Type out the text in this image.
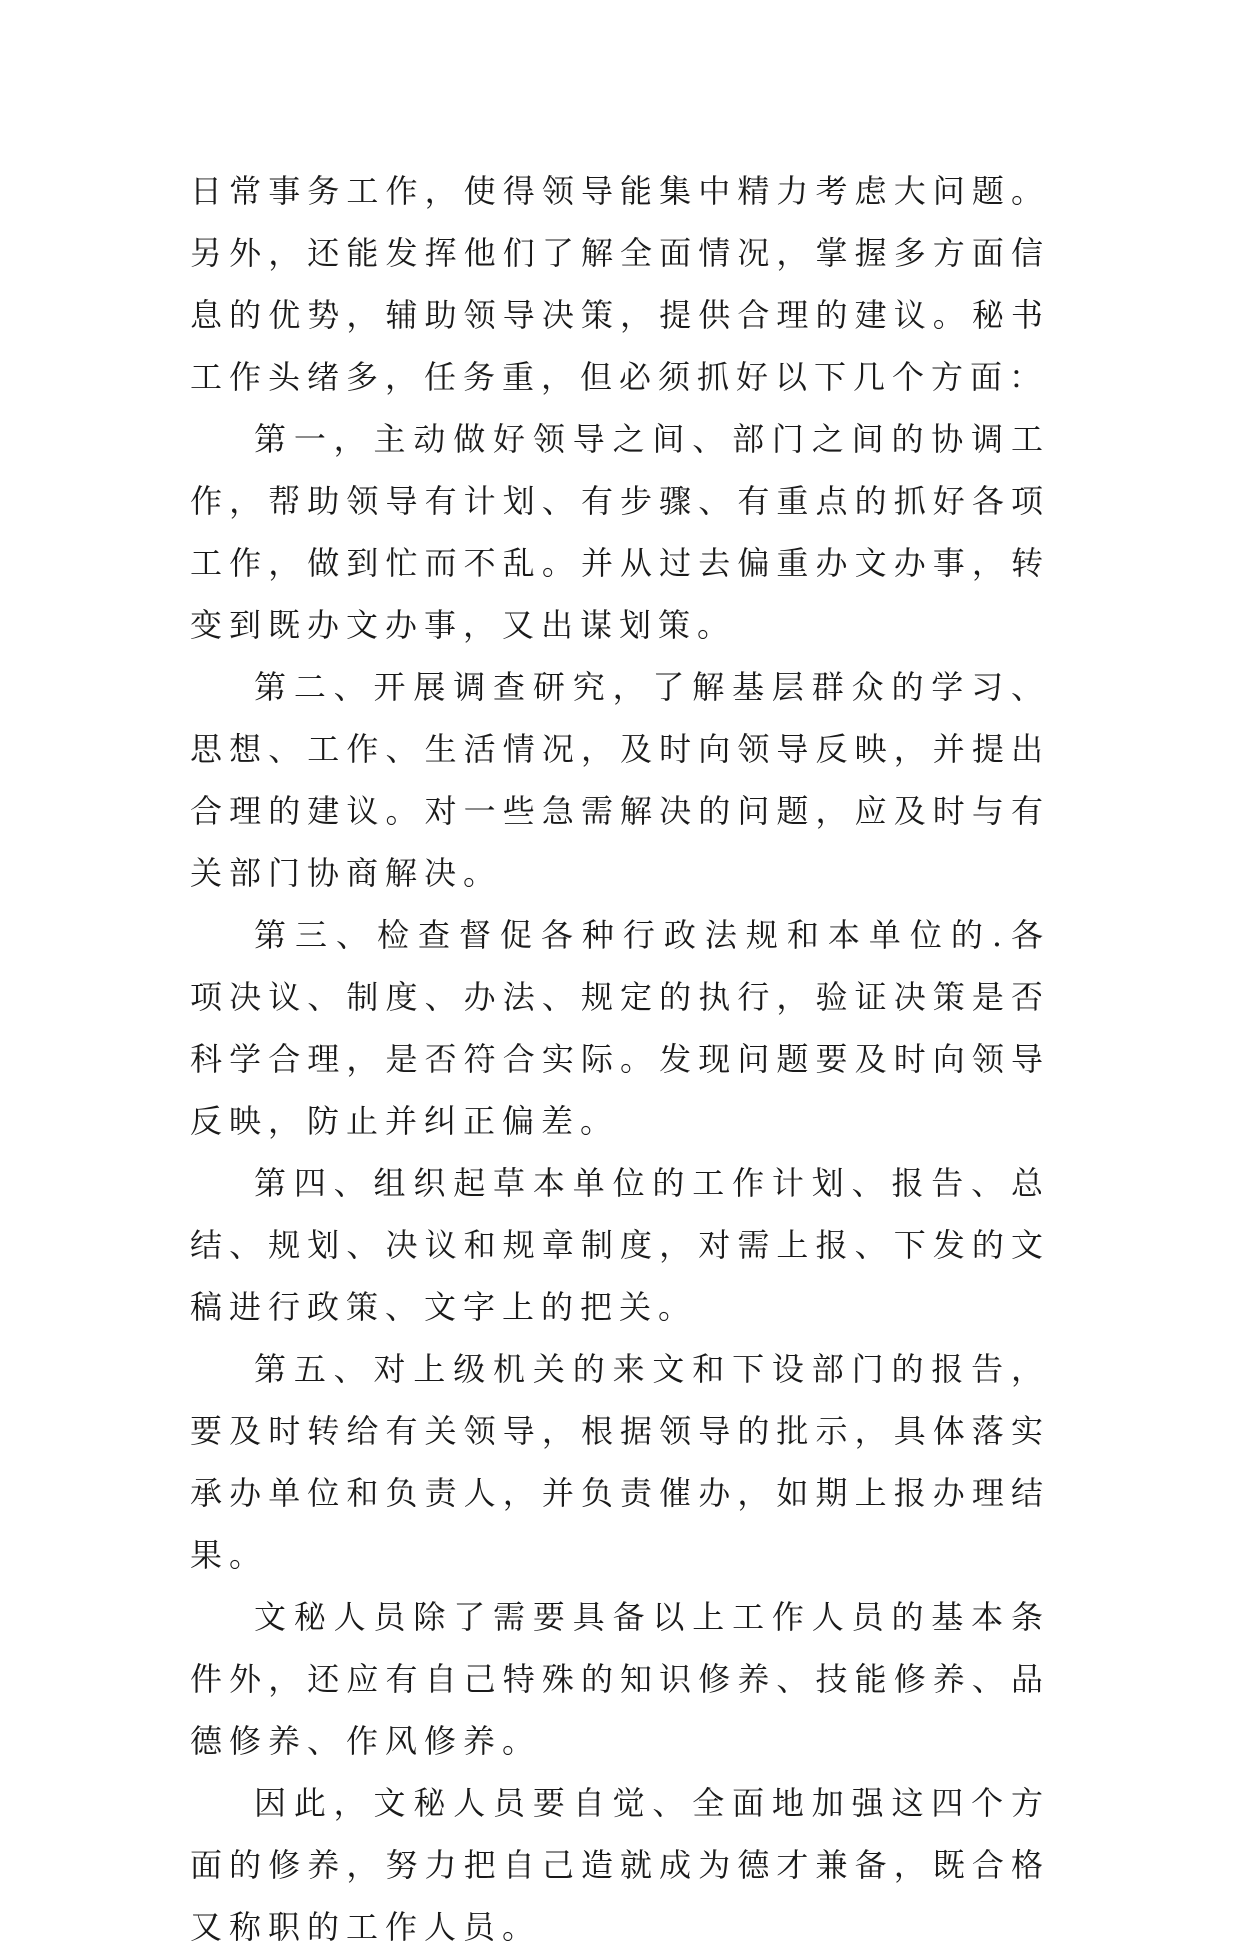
日常事务工作，使得领导能集中精力考虑大问题。另外，还能发挥他们了解全面情况，掌握多方面信息的优势，辅助领导决策，提供合理的建议。秘书工作头绪多，任务重，但必须抓好以下几个方面：

第一，主动做好领导之间、部门之间的协调工作，帮助领导有计划、有步骤、有重点的抓好各项工作，做到忙而不乱。并从过去偏重办文办事，转变到既办文办事，又出谋划策。

第二、开展调查研究，了解基层群众的学习、思想、工作、生活情况，及时向领导反映，并提出合理的建议。对一些急需解决的问题，应及时与有关部门协商解决。

第三、检查督促各种行政法规和本单位的.各项决议、制度、办法、规定的执行，验证决策是否科学合理，是否符合实际。发现问题要及时向领导反映，防止并纠正偏差。

第四、组织起草本单位的工作计划、报告、总结、规划、决议和规章制度，对需上报、下发的文稿进行政策、文字上的把关。

第五、对上级机关的来文和下设部门的报告，要及时转给有关领导，根据领导的批示，具体落实承办单位和负责人，并负责催办，如期上报办理结果。

文秘人员除了需要具备以上工作人员的基本条件外，还应有自己特殊的知识修养、技能修养、品德修养、作风修养。

因此，文秘人员要自觉、全面地加强这四个方面的修养，努力把自己造就成为德才兼备，既合格又称职的工作人员。
